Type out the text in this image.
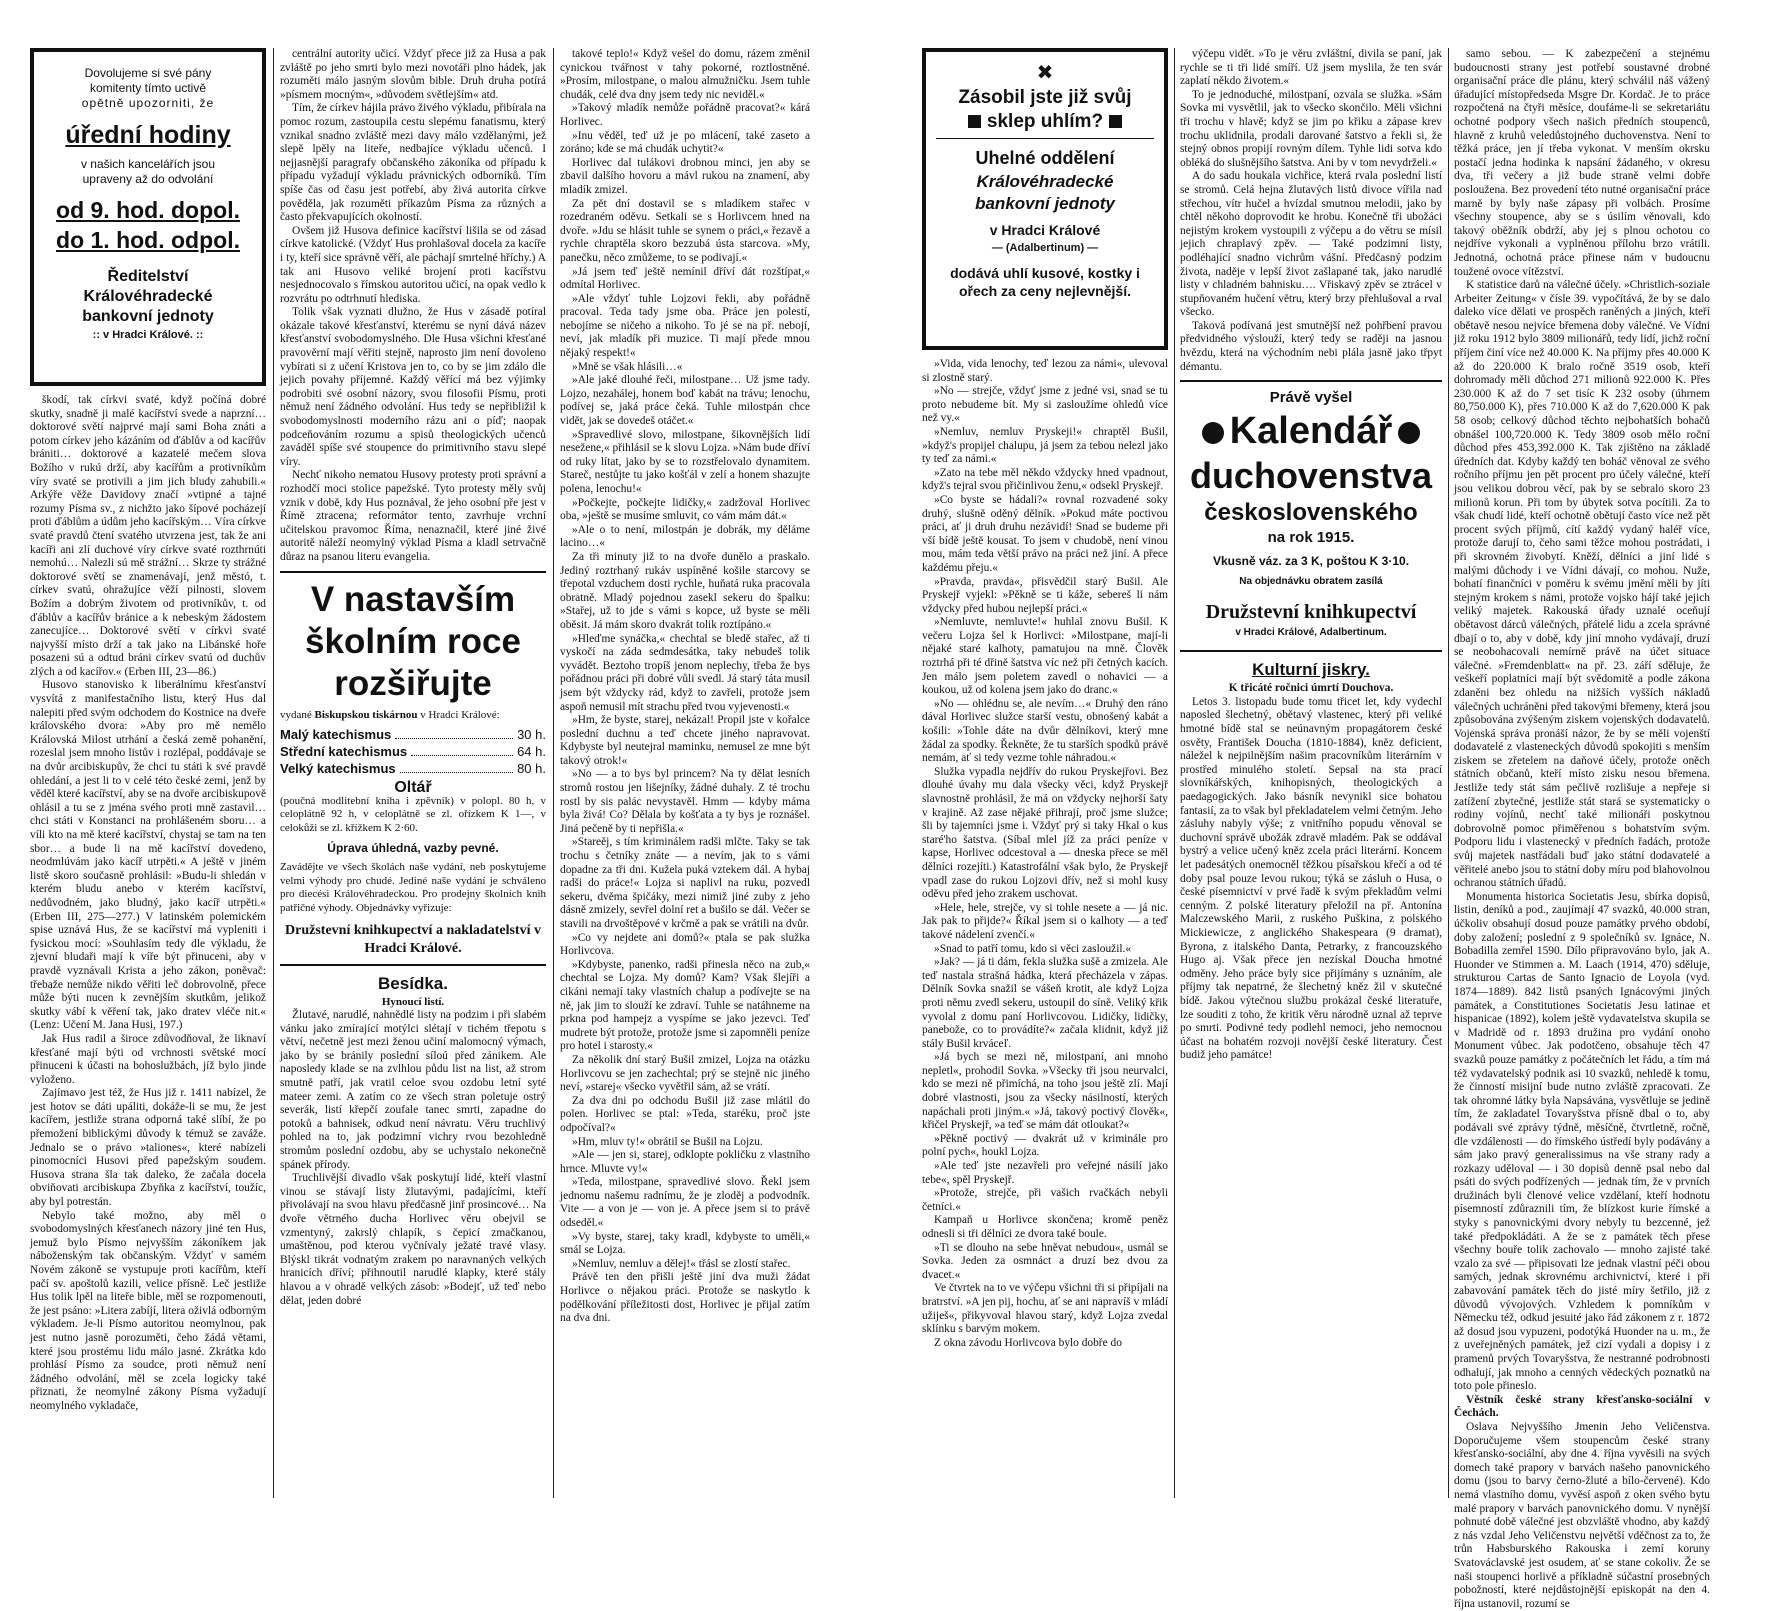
Dovolujeme si své pány
komitenty tímto uctivě
opětně upozorniti, že
úřední hodiny
v našich kancelářích jsou
upraveny až do odvolání
od 9. hod. dopol.
do 1. hod. odpol.
Ředitelství
Královéhradecké
bankovní jednoty
:: v Hradci Králové. ::

škodí, tak církvi svaté, když počíná dobré skutky, snadně ji malé kacířství svede a naprzní… doktorové světí najprvé mají sami Boha znáti a potom církev jeho kázáním od ďáblův a od kacířův brániti… doktorové a kazatelé mečem slova Božího v rukú drží, aby kacířům a protivníkům víry svaté se protivili a jim jich bludy zahubili.« Arkýře věže Davidovy značí »vtipné a tajné rozumy Písma sv., z nichžto jako šípové pocházejí proti ďáblům a údům jeho kacířským… Víra církve svaté pravdů čtení svatého utvrzena jest, tak že ani kacíři ani zlí duchové víry církve svaté rozthrnúti nemohú… Nalezli sú mě strážní… Skrze ty strážné doktorové světí se znamenávají, jenž městó, t. církev svatú, ohražujíce věží pilnosti, slovem Božím a dobrým životem od protivníkův, t. od ďáblův a kacířův bránice a k nebeským žádostem zanecujíce… Doktorové světí v církvi svaté najvyšší místo drží a tak jako na Libánské hoře posazeni sú a odtud bráni církev svatú od duchův zlých a od kacířov.« (Erben III, 23—86.)

Husovo stanovisko k liberálnímu křesťanství vysvítá z manifestačního listu, který Hus dal nalepiti před svým odchodem do Kostnice na dveře královského dvora: »Aby pro mě nemělo Královská Milost utrhání a česká země pohanění, rozeslal jsem mnoho listův i rozlépal, poddávaje se na dvůr arcibiskupův, že chci tu státi k své pravdě ohledání, a jest li to v celé této české zemi, jenž by věděl které kacířství, aby se na dvoře arcibiskupově ohlásil a tu se z jména svého proti mně zastavil… chci státi v Konstanci na prohlášeném sboru… a víli kto na mě které kacířství, chystaj se tam na ten sbor… a bude li na mě kacířství dovedeno, neodmlúvám jako kacíř utrpěti.« A ještě v jiném listě skoro současně prohlásil: »Budu-li shledán v kterém bludu anebo v kterém kacířství, nedůvodném, jako bludný, jako kacíř utrpěti.« (Erben III, 275—277.) V latinském polemickém spise uznává Hus, že se kacířství má vypleniti i fysickou mocí: »Souhlasím tedy dle výkladu, že zjevní bludaři mají k víře být přinuceni, aby v pravdě vyznávali Krista a jeho zákon, poněvač: třebaže nemůže nikdo věřiti leč dobrovolně, přece může býti nucen k zevnějším skutkům, jelikož skutky vábí k věření tak, jako dratev vléče nit.« (Lenz: Učení M. Jana Husi, 197.)

Jak Hus radil a široce zdůvodňoval, že liknaví křesťané mají býti od vrchnosti světské mocí přinuceni k účasti na bohoslužbách, jíž bylo jinde vyloženo.

Zajímavo jest též, že Hus již r. 1411 nabízel, že jest hotov se dáti upáliti, dokáže-li se mu, že jest kacířem, jestliže strana odporná také slíbí, že po přemožení biblickými důvody k témuž se zaváže. Jednalo se o právo »taliones«, které nabízeli pinomocníci Husovi před papežským soudem. Husova strana šla tak daleko, že začala docela obviňovati arcibiskupa Zbyňka z kacířství, toužíc, aby byl potrestán.

Nebylo také možno, aby měl o svobodomyslných křesťanech názory jiné ten Hus, jemuž bylo Písmo nejvyšším zákoníkem jak náboženským tak občanským. Vždyť v samém Novém zákoně se vystupuje proti kacířům, kteří pačí sv. apoštolů kazili, velice přísně. Leč jestliže Hus tolik lpěl na liteře bible, měl se rozpomenouti, že jest psáno: »Litera zabíjí, litera oživlá odborným výkladem. Je-li Písmo autoritou neomylnou, pak jest nutno jasně porozuměti, čeho žádá větami, které jsou prostému lidu málo jasné. Zkrátka kdo prohlásí Písmo za soudce, proti němuž není žádného odvolání, měl se zcela logicky také přiznati, že neomylné zákony Písma vyžadují neomylného vykladače,

centrální autority učicí. Vždyť přece již za Husa a pak zvláště po jeho smrti bylo mezi novotáři plno hádek, jak rozuměti málo jasným slovům bible. Druh druha potírá »písmem mocným«, »důvodem světlejším« atd.

Tím, že církev hájila právo živého výkladu, přibírala na pomoc rozum, zastoupila cestu slepému fanatismu, který vznikal snadno zvláště mezi davy málo vzdělanými, jež slepě lpěly na liteře, nedbajíce výkladu učenců. I nejjasnější paragrafy občanského zákoníka od případu k případu vyžadují výkladu právnických odborníků. Tím spíše čas od času jest potřebí, aby živá autorita církve pověděla, jak rozuměti příkazům Písma za různých a často překvapujících okolností.

Ovšem již Husova definice kacířství lišila se od zásad církve katolické. (Vždyť Hus prohlašoval docela za kacíře i ty, kteří sice správně věří, ale páchají smrtelné hříchy.) A tak ani Husovo veliké brojení proti kacířstvu nesjednocovalo s římskou autoritou učicí, na opak vedlo k rozvrátu po odtrhnutí hlediska.

Tolik však vyznati dlužno, že Hus v zásadě potíral okázale takové křesťanství, kterému se nyní dává název křesťanství svobodomyslného. Dle Husa všichni křesťané pravověrní mají věřiti stejně, naprosto jim není dovoleno vybírati si z učení Kristova jen to, co by se jim zdálo dle jejich povahy příjemné. Každý věřící má bez výjimky podrobiti své osobní názory, svou filosofii Písmu, proti němuž není žádného odvolání. Hus tedy se nepřibližil k svobodomyslnosti moderního rázu ani o píď; naopak podceňováním rozumu a spisů theologických učenců zaváděl spíše své stoupence do primitivního stavu slepé víry.

Nechť nikoho nematou Husovy protesty proti správní a rozhodčí moci stolice papežské. Tyto protesty měly svůj vznik v době, kdy Hus poznával, že jeho osobní pře jest v Římě ztracena; reformátor tento, zavrhuje vrchní učitelskou pravomoc Říma, nenaznačil, které jiné živé autoritě náleží neomylný výklad Písma a kladl setrvačně důraz na psanou literu evangelia.

V nastavším
školním roce
rozšiřujte
vydané Biskupskou tiskárnou v Hradci Králové:
Malý katechismus	30 h.
Střední katechismus	64 h.
Velký katechismus	80 h.
Oltář
(poučná modlitební kniha i zpěvník) v polopl. 80 h, v celoplátně 92 h, v celoplátně se zl. ořízkem K 1—, v celokůži se zl. křížkem K 2·60.
Úprava úhledná, vazby pevné.
Zavádějte ve všech školách naše vydání, neb poskytujeme velmi výhody pro chudé. Jediné naše vydání je schváleno pro diecési Královéhradeckou. Pro prodejny školních knih patřičné výhody. Objednávky vyřizuje:
Družstevní knihkupectví a nakladatelství v Hradci Králové.
Besídka.
Hynoucí listí.

Žlutavé, narudlé, nahnědlé listy na podzim i při slabém vánku jako zmírající motýlci slétají v tichém třepotu s větví, nečetně jest mezi ženou učiní malomocný výmach, jako by se bránily poslední síloú před zánikem. Ale naposledy klade se na zvlhlou půdu list na list, až strom smutně patří, jak vratil celoe svou ozdobu letní syté mateer zemi. A zatím co ze všech stran poletuje ostrý severák, listí křepčí zoufale tanec smrti, zapadne do potoků a bahnisek, odkud není návratu. Věru truchlivý pohled na to, jak podzimní vichry rvou bezohledně stromům poslední ozdobu, aby se uchystalo nekonečně spánek přírody.

Truchlivější divadlo však poskytují lidé, kteří vlastní vinou se stávají listy žlutavými, padajícími, kteří přivolávají na svou hlavu předčasně jinř prosincové… Na dvoře větrného ducha Horlivec věru obejvil se vzmentyný, zakrslý chlapík, s čepicí zmačkanou, umaštěnou, pod kterou vyčnívaly ježaté travé vlasy. Blýskl tikrát vodnatým zrakem po naravnaných velkých hranicích dříví; přihnoutil narudlé klapky, které stály hlavou a v ohradě velkých zásob: »Bodejť, už teď nebo dělat, jeden dobré

takové teplo!« Když vešel do domu, rázem změnil cynickou tvářnost v tahy pokorné, roztlostněné. »Prosím, milostpane, o malou almužničku. Jsem tuhle chudák, celé dva dny jsem tedy nic neviděl.«

»Takový mladík nemůže pořádně pracovat?« kárá Horlivec.

»Inu věděl, teď už je po mlácení, také zaseto a zoráno; kde se má chudák uchytit?«

Horlivec dal tulákovi drobnou minci, jen aby se zbavil dalšího hovoru a mávl rukou na znamení, aby mladík zmizel.

Za pět dní dostavil se s mladíkem stařec v rozedraném oděvu. Setkali se s Horlivcem hned na dvoře. »Jdu se hlásit tuhle se synem o práci,« řezavě a rychle chraptěla skoro bezzubá ústa starcova. »My, panečku, něco zmůžeme, to se podivají.«

»Já jsem teď ještě nemínil dříví dát rozštípat,« odmítal Horlivec.

»Ale vždyť tuhle Lojzovi řekli, aby pořádně pracoval. Teda tady jsme oba. Práce jen polestí, nebojíme se ničeho a nikoho. To jé se na př. nebojí, neví, jak mladík při muzice. Ti mají přede mnou nějaký respekt!«

»Mně se však hlásili…«

»Ale jaké dlouhé řeči, milostpane… Už jsme tady. Lojzo, nezahálej, honem boď kabát na trávu; lenochu, podívej se, jaká práce čeká. Tuhle milostpán chce vidět, jak se dovedeš otáčet.«

»Spravedlivé slovo, milostpane, šikovnějších lidí nesežene,« přihlásil se k slovu Lojza. »Nám bude dříví od ruky lítat, jako by se to rozstřelovalo dynamitem. Stareč, nestůjte tu jako košťál v zelí a honem shazujte polena, lenochu!«

»Počkejte, počkejte lidičky,« zadržoval Horlivec oba, »ještě se musíme smluvit, co vám mám dát.«

»Ale o to není, milostpán je dobrák, my děláme lacino…«

Za tři minuty již to na dvoře dunělo a praskalo. Jediný roztrhaný rukáv uspíněné košile starcovy se třepotal vzduchem dosti rychle, huňatá ruka pracovala obratně. Mladý pojednou zasekl sekeru do špalku: »Stařej, už to jde s vámi s kopce, už byste se měli oběsit. Já mám skoro dvakrát tolik roztípáno.«

»Hleďme synáčka,« chechtal se bledě stařec, až ti vyskočí na záda sedmdesátka, taky nebudeš tolik vyvádět. Beztoho tropíš jenom neplechy, třeba že bys pořádnou práci při dobré vůli svedl. Já starý táta musil jsem být vždycky rád, když to zavřeli, protože jsem aspoň nemusil mít strachu před tvou vyjevenosti.«

»Hm, že byste, starej, nekázal! Propil jste v kořalce poslední duchnu a teď chcete jiného napravovat. Kdybyste byl neutejral maminku, nemusel ze mne být takový otrok!«

»No — a to bys byl princem? Na ty dělat lesních stromů rostou jen lišejníky, žádné duhaly. Z té trochu rostl by sis palác nevystavěl. Hmm — kdyby máma byla živá! Co? Dělala by košťata a ty bys je roznášel. Jiná pečeně by ti nepřišla.«

»Stareěj, s tím kriminálem radši mlčte. Taky se tak trochu s četníky znáte — a nevím, jak to s vámi dopadne za tři dni. Kužela puká vztekem dál. A hybaj radši do práce!« Lojza si naplivl na ruku, pozvedl sekeru, dvěma špičáky, mezi nimiž jiné zuby z jeho dásně zmizely, sevřel dolní ret a bušilo se dál. Večer se stavili na drvoštěpové v krčmě a pak se vrátili na dvůr.

»Co vy nejdete ani domů?« ptala se pak služka Horlivcova.

»Kdybyste, panenko, radši přinesla něco na zub,« chechtal se Lojza. My domů? Kam? Však šlejíři a cikáni nemají taky vlastních chalup a podívejte se na ně, jak jim to slouží ke zdraví. Tuhle se natáhneme na prkna pod hampejz a vyspíme se jako jezevci. Teď mudrete být protože, protože jsme si zapomněli peníze pro hotel i starosty.«

Za několik dní starý Bušil zmizel, Lojza na otázku Horlivcovu se jen zachechtal; prý se stejně nic jiného neví, »starej« všecko vyvětřil sám, až se vrátí.

Za dva dni po odchodu Bušil již zase mlátil do polen. Horlivec se ptal: »Teda, staréku, proč jste odpočíval?«

»Hm, mluv ty!« obrátil se Bušil na Lojzu.

»Ale — jen si, starej, odklopte pokličku z vlastního hrnce. Mluvte vy!«

»Teda, milostpane, spravedlivé slovo. Řekl jsem jednomu našemu radnímu, že je zloděj a podvodník. Vite — a von je — von je. A přece jsem si to právě odseděl.«

»Vy byste, starej, taky kradl, kdybyste to uměli,« smál se Lojza.

»Nemluv, nemluv a dělej!« třásl se zlostí stařec.

Právě ten den přišli ještě jiní dva muži žádat Horlivce o nějakou práci. Protože se naskytlo k podělkování příležitosti dost, Horlivec je přijal zatím na dva dni.

✖
Zásobil jste již svůj
sklep uhlím?
Uhelné oddělení
Královéhradecké
bankovní jednoty
v Hradci Králové
— (Adalbertinum) —
dodává uhlí kusové, kostky i ořech za ceny nejlevnější.

»Vida, vida lenochy, teď lezou za námi«, ulevoval si zlostně starý.

»No — strejče, vždyť jsme z jedné vsi, snad se tu proto nebudeme bít. My si zasloužíme ohledů více než vy.«

»Nemluv, nemluv Pryskeji!« chraptěl Bušil, »když's propijel chalupu, já jsem za tebou nelezl jako ty teď za námi.«

»Zato na tebe měl někdo vždycky hned vpadnout, když's tejral svou přičinlivou ženu,« odsekl Pryskejř.

»Co byste se hádali?« rovnal rozvadené soky druhý, slušně oděný dělník. »Pokud máte poctivou práci, ať ji druh druhu nezávidí! Snad se budeme při vší bídě ještě kousat. To jsem v chudobě, není vinou mou, mám teda větší právo na práci než jiní. A přece každému přeju.«

»Pravda, pravda«, přisvědčil starý Bušil. Ale Pryskejř vyjekl: »Pěkně se ti káže, sebereš li nám vždycky před hubou nejlepší práci.«

»Nemluvte, nemluvte!« huhlal znovu Bušil. K večeru Lojza šel k Horlivci: »Milostpane, mají-li nějaké staré kalhoty, pamatujou na mně. Člověk roztrhá při té dřině šatstva víc než při četných kacích. Jen málo jsem poletem zavedl o nohavici — a koukou, už od kolena jsem jako do dranc.«

»No — ohlédnu se, ale nevím…« Druhý den ráno dával Horlivec služce starší vestu, obnošený kabát a košili: »Tohle dáte na dvůr dělníkovi, který mne žádal za spodky. Řekněte, že tu starších spodků právě nemám, ať si tedy vezme tohle náhradou.«

Služka vypadla nejdřív do rukou Pryskejřovi. Bez dlouhé úvahy mu dala všecky věci, když Pryskejř slavnostně prohlásil, že má on vždycky nejhorší šaty v krajině. Až zase nějaké přihrají, proč jsme služce; šli by tajemníci jsme i. Vždyť prý si taky Hkal o kus staré'ho šatstva. (Síbal mlel jíž za práci peníze v kapse, Horlivec odcestoval a — dneska přece se měl dělníci rozejíti.) Katastrofální však bylo, že Pryskejř vpadl zase do rukou Lojzovi dřív, než si mohl kusy oděvu před jeho zrakem uschovat.

»Hele, hele, strejče, vy si tohle nesete a — já nic. Jak pak to přijde?« Říkal jsem si o kalhoty — a teď takové nádelení zvenčí.«

»Snad to patří tomu, kdo si věci zasloužil.«

»Jak? — já ti dám, fekla služka sušě a zmizela. Ale teď nastala strašná hádka, která přecházela v zápas. Dělník Sovka snažil se vášeň krotit, ale když Lojza proti němu zvedl sekeru, ustoupil do síně. Veliký křik vyvolal z domu paní Horlivcovou. Lidičky, lidičky, panebože, co to provádíte?« začala klidnit, když již stály Bušil krváceľ.

»Já bych se mezi ně, milostpaní, ani mnoho nepletl«, prohodil Sovka. »Všecky tři jsou neurvalci, kdo se mezi ně přimíchá, na toho jsou ještě zlí. Mají dobré vlastnosti, jsou za všecky násilností, kterých napáchali proti jiným.« »Já, takový poctivý člověk«, křičel Pryskejř, »a teď se mám dát otloukat?«

»Pěkně poctivý — dvakrát už v kriminále pro polní pych«, houkl Lojza.

»Ale teď jste nezavřeli pro veřejné násilí jako tebe«, spěl Pryskejř.

»Protože, strejče, při vašich rvačkách nebyli četníci.«

Kampaň u Horlivce skončena; kromě peněz odnesli si tři dělníci ze dvora také boule.

»Ti se dlouho na sebe hněvat nebudou«, usmál se Sovka. Jeden za osmnáct a druzí bez dvou za dvacet.«

Ve čtvrtek na to ve výčepu všichni tři si připíjali na bratrství. »A jen pij, hochu, ať se ani napravíš v mládí užiješ«, přikyvoval hlavou starý, když Lojza zvedal sklínku s barvým mokem.

Z okna závodu Horlivcova bylo dobře do

výčepu vidět. »To je věru zvláštní, divila se paní, jak rychle se ti tři lidé smíří. Už jsem myslila, že ten svár zaplatí někdo životem.«

To je jednoduché, milostpaní, ozvala se služka. »Sám Sovka mi vysvětlil, jak to všecko skončilo. Měli všichni tři trochu v hlavě; když se jim po křiku a zápase krev trochu uklidnila, prodali darované šatstvo a řekli si, že stejný obnos propijí rovným dílem. Tyhle lidi sotva kdo obléká do slušnějšího šatstva. Ani by v tom nevydrželi.«

A do sadu houkala vichřice, která rvala poslední listí se stromů. Celá hejna žlutavých listů divoce vířila nad střechou, vítr hučel a hvízdal smutnou melodii, jako by chtěl někoho doprovodit ke hrobu. Konečně tři ubožáci nejistým krokem vystoupili z výčepu a do větru se mísil jejich chraplavý zpěv. — Také podzimní listy, podléhající snadno vichrům vášní. Předčasný podzim života, naděje v lepší život zašlapané tak, jako narudlé listy v chladném bahnisku…. Vřiskavý zpěv se ztrácel v stupňovaném hučení větru, který brzy přehlušoval a rval všecko.

Taková podívaná jest smutnější než pohřbení pravou předvidného výslouží, který tedy se raději na jasnou hvězdu, která na východním nebi plála jasně jako třpyt démantu.

Právě vyšel
Kalendář
duchovenstva
československého
na rok 1915.
Vkusně váz. za 3 K, poštou K 3·10.
Na objednávku obratem zasílá
Družstevní knihkupectví
v Hradci Králové, Adalbertinum.
Kulturní jiskry.
K třicáté ročnici úmrtí Douchova.

Letos 3. listopadu bude tomu třicet let, kdy vydechl naposled šlechetný, obětavý vlastenec, který při veliké hmotné bídě stal se neúnavným propagátorem české osvěty, František Doucha (1810-1884), kněz deficient, náležel k nejpilnějším našim pracovníkům literárním v prostřed minulého století. Sepsal na sta prací slovníkářských, knihopisných, theologických a paedagogických. Jako básník nevynikl sice bohatou fantasií, za to však byl překladatelem velmi četným. Jeho zásluhy nabyly výše; z vnitřního popudu věnoval se duchovní správě ubožák zdravě mladém. Pak se oddával bystrý a velice učený kněz zcela práci literární. Koncem let padesátých onemocněl těžkou písařskou křečí a od té doby psal pouze levou rukou; týká se zásluh o Husa, o české písemnictví v prvé řadě k svým překladům velmi cenným. Z polské literatury přeložil na př. Antonína Malczewského Marii, z ruského Puškina, z polského Mickiewicze, z anglického Shakespeara (9 dramat), Byrona, z italského Danta, Petrarky, z francouzského Hugo aj. Však přece jen nezískal Doucha hmotné odměny. Jeho práce byly sice přijímány s uznáním, ale příjmy tak nepatrné, že šlechetný kněz žil v skutečné bídě. Jakou výtečnou službu prokázal české literatuře, lze souditi z toho, že kritik věru národně uznal až teprve po smrti. Podivné tedy podlehl nemoci, jeho nemocnou účast na bohatém rozvoji novější české literatury. Čest budiž jeho památce!

samo sebou. — K zabezpečení a stejnému budoucnosti strany jest potřebí soustavné drobné organisační práce dle plánu, který schválil náš vážený úřadující místopředseda Msgre Dr. Kordač. Je to práce rozpočtená na čtyři měsíce, doufáme-li se sekretariátu ochotné podpory všech našich předních stoupenců, hlavně z kruhů veledůstojného duchovenstva. Není to těžká práce, jen jí třeba vykonat. V menším okrsku postačí jedna hodinka k napsání žádaného, v okresu dva, tři večery a již bude straně velmi dobře posloužena. Bez provedení této nutné organisační práce marně by byly naše zápasy při volbách. Prosíme všechny stoupence, aby se s úsilím věnovali, kdo takový oběžník obdrží, aby jej s plnou ochotou co nejdříve vykonali a vyplněnou přílohu brzo vrátili. Jednotná, ochotná práce přinese nám v budoucnu toužené ovoce vítězství.

K statistice darů na válečné účely. »Christlich-soziale Arbeiter Zeitung« v čísle 39. vypočítává, že by se dalo daleko více dělati ve prospěch raněných a jiných, kteří obětavě nesou nejvíce břemena doby válečné. Ve Vídni již roku 1912 bylo 3809 milionářů, tedy lidí, jichž roční příjem činí více než 40.000 K. Na příjmy přes 40.000 K až do 220.000 K bralo ročně 3519 osob, kteří dohromady měli důchod 271 milionů 922.000 K. Přes 230.000 K až do 7 set tisíc K 232 osoby (úhrnem 80,750.000 K), přes 710.000 K až do 7,620.000 K pak 58 osob; celkový důchod těchto nejbohatších bohačů obnášel 100,720.000 K. Tedy 3809 osob mělo roční důchod přes 453,392.000 K. Tak zjištěno na základě úředních dat. Kdyby každý ten boháč věnoval ze svého ročního příjmu jen pět procent pro účely válečné, kteří jsou velikou dobrou věcí, pak by se sebralo skoro 23 milionů korun. Při tom by úbytek sotva pocítili. Za to však chudí lidé, kteří ochotně obětují často více než pět procent svých příjmů, cítí každý vydaný haléř více, protože darují to, čeho sami těžce mohou postrádati, i při skrovném živobytí. Kněží, dělníci a jiní lidé s malými důchody i ve Vídni dávají, co mohou. Nuže, bohatí finančníci v poměru k svému jmění měli by jíti stejným krokem s námi, protože vojsko hájí také jejich veliký majetek. Rakouská úřady uznalé oceňují obětavost dárců válečných, přátelé lidu a zcela správné dbají o to, aby v době, kdy jiní mnoho vydávají, druzí se neobohacovali nemírně právě na účet situace válečné. »Fremdenblatt« na př. 23. září sděluje, že veškeří poplatníci mají být svědomitě a podle zákona zdaněni bez ohledu na nižších vyšších nákladů válečných uchráněni před takovými břemeny, která jsou způsobována zvýšeným ziskem vojenských dodavatelů. Vojenská správa pronáší názor, že by se měli vojenští dodavatelé z vlasteneckých důvodů spokojiti s menším ziskem se zřetelem na daňové účely, protože oněch státních občanů, kteří místo zisku nesou břemena. Jestliže tedy stát sám pečlivě rozlišuje a nepřeje si zatížení zbytečné, jestliže stát stará se systematicky o rodiny vojínů, nechť také milionáři poskytnou dobrovolně pomoc přiměřenou s bohatstvím svým. Podporu lidu i vlastenecký v předních řadách, protože svůj majetek nastřádali buď jako státní dodavatelé a věřitelé anebo jsou to státní doby míru pod blahovolnou ochranou státních úřadů.

Monumenta historica Societatis Jesu, sbírka dopisů, listin, deníků a pod., zaujímají 47 svazků, 40.000 stran, účkoliv obsahují dosud pouze památky prvého období, doby založení; poslední z 9 společníků sv. Ignáce, N. Bobadilla zemřel 1590. Dílo připravováno bylo, jak A. Huonder ve Stimmen a. M. Laach (1914, 470) sděluje, strukturou Cartas de Santo Ignacio de Loyola (vyd. 1874—1889). 842 listů psaných Ignácovými jiných památek, a Constitutiones Societatis Jesu latinae et hispanicae (1892), kolem ještě vydavatelstva skupila se v Madridě od r. 1893 družina pro vydání onoho Monument vůbec. Jak podotčeno, obsahuje těch 47 svazků pouze památky z počátečních let řádu, a tím má též vydavatelský podnik asi 10 svazků, nehledě k tomu, že činností misijní bude nutno zvláště zpracovati. Ze tak ohromné látky byla Napsávána, vysvětluje se jedině tím, že zakladatel Tovaryšstva přísně dbal o to, aby podávali své zprávy týdně, měsíčně, čtvrtletně, ročně, dle vzdálenosti — do římského ústředí byly podávány a sám jako pravý generalissimus na vše strany rady a rozkazy uděloval — i 30 dopisů denně psal nebo dal psáti do svých podřízených — jednak tím, že v prvních družinách byli členové velice vzdělaní, kteří hodnotu písemností zdůraznili tím, že blízkost kurie římské a styky s panovnickými dvory nebyly tu bezcenné, jež také předpokládáti. A že se z památek těch přese všechny bouře tolik zachovalo — mnoho zajisté také vzalo za své — připisovati lze jednak vlastní péči obou samých, jednak skrovnému archivnictví, které i při zabavování památek těch do jisté míry šetřilo, již z důvodů vývojových. Vzhledem k pomníkům v Německu též, odkud jesuité jako řád zákonem z r. 1872 až dosud jsou vypuzeni, podotýká Huonder na u. m., že z uveřejněných památek, jež cizí vydali a dopisy i z pramenů prvých Tovaryšstva, že nestranné podrobnosti odhalují, jak mnoho a cenných vědeckých poznatků na toto pole přineslo.

Věstník české strany křesťansko-sociální v Čechách.

Oslava Nejvyššího Jmenin Jeho Veličenstva. Doporučujeme všem stoupencům české strany křesťansko-sociální, aby dne 4. října vyvěsili na svých domech také prapory v barvách našeho panovnického domu (jsou to barvy černo-žluté a bílo-červené). Kdo nemá vlastního domu, vyvěsí aspoň z oken svého bytu malé prapory v barvách panovnického domu. V nynější pohnuté době válečné jest obzvláště vhodno, aby každý z nás vzdal Jeho Veličenstvu největší vděčnost za to, že trůn Habsburského Rakouska i zemí koruny Svatováclavské jest osudem, ať se stane cokoliv. Že se naši stoupenci horlivě a příkladně súčastní prosebných pobožností, které nejdůstojnější episkopát na den 4. října ustanovil, rozumí se
